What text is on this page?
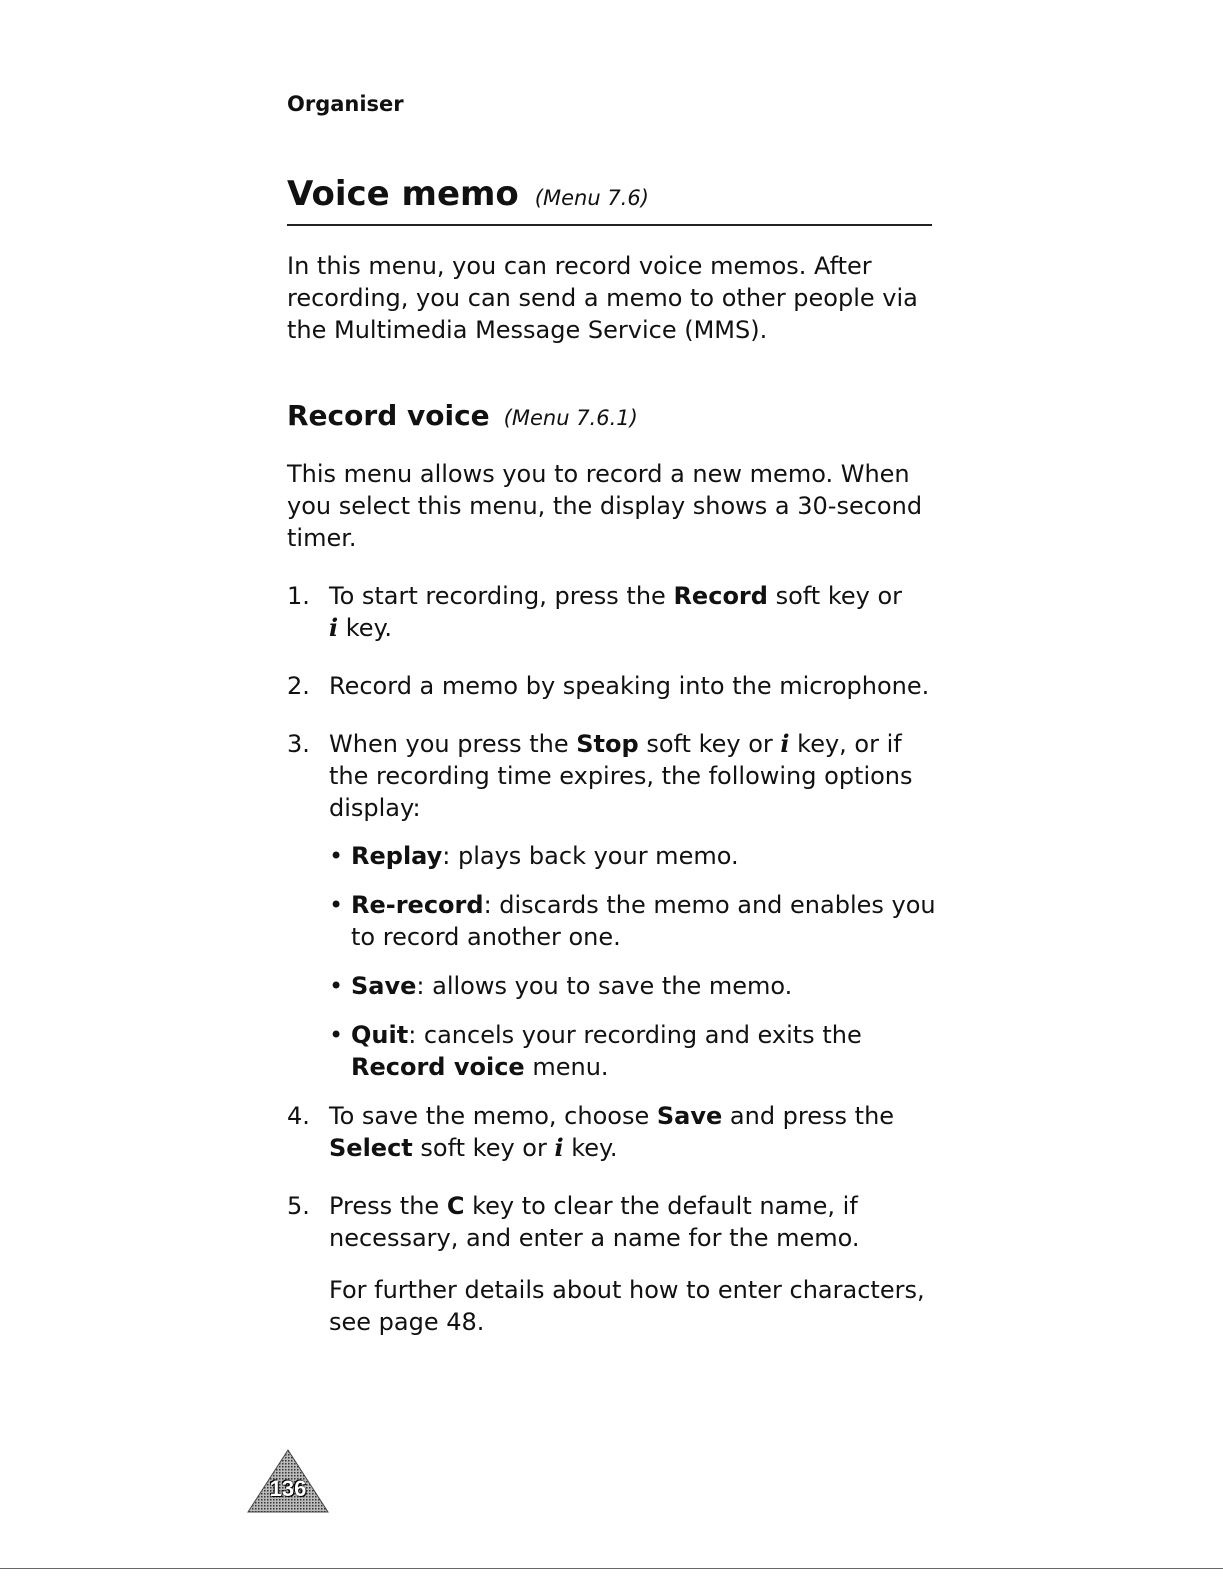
Organiser

Voice memo (Menu 7.6)

In this menu, you can record voice memos. After recording, you can send a memo to other people via the Multimedia Message Service (MMS).

Record voice (Menu 7.6.1)

This menu allows you to record a new memo. When you select this menu, the display shows a 30-second timer.

1. To start recording, press the Record soft key or
i key.
2. Record a memo by speaking into the microphone.
3. When you press the Stop soft key or i key, or if the recording time expires, the following options display:
• Replay: plays back your memo.
• Re-record: discards the memo and enables you to record another one.
• Save: allows you to save the memo.
• Quit: cancels your recording and exits the Record voice menu.
4. To save the memo, choose Save and press the
Select soft key or i key.
5. Press the C key to clear the default name, if necessary, and enter a name for the memo.

For further details about how to enter characters, see page 48.

136
